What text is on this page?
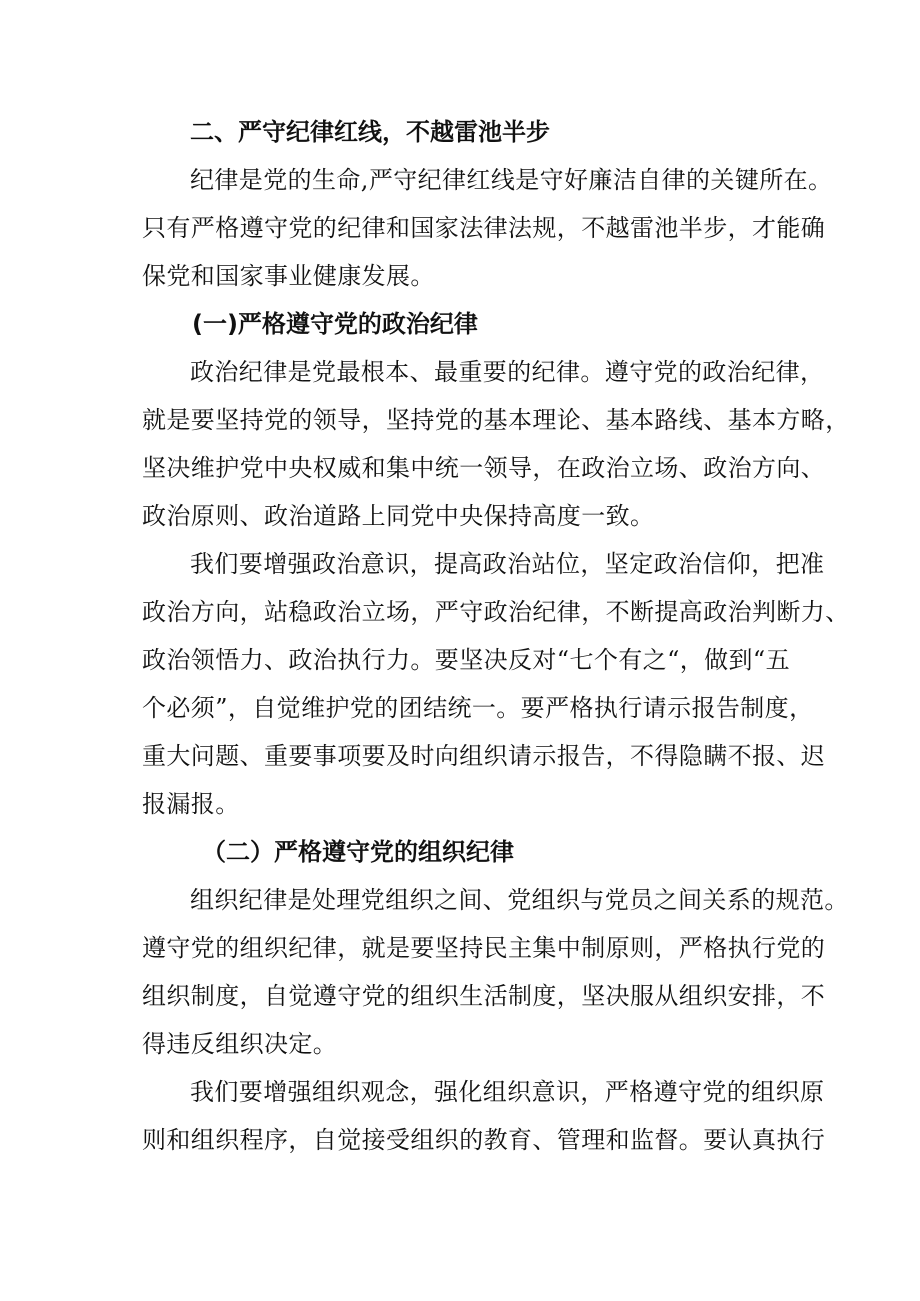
二、严守纪律红线，不越雷池半步
纪律是党的生命,严守纪律红线是守好廉洁自律的关键所在。
只有严格遵守党的纪律和国家法律法规，不越雷池半步，才能确
保党和国家事业健康发展。
(一)严格遵守党的政治纪律
政治纪律是党最根本、最重要的纪律。遵守党的政治纪律，
就是要坚持党的领导，坚持党的基本理论、基本路线、基本方略，
坚决维护党中央权威和集中统一领导，在政治立场、政治方向、
政治原则、政治道路上同党中央保持高度一致。
我们要增强政治意识，提高政治站位，坚定政治信仰，把准
政治方向，站稳政治立场，严守政治纪律，不断提高政治判断力、
政治领悟力、政治执行力。要坚决反对“七个有之“，做到“五
个必须”，自觉维护党的团结统一。要严格执行请示报告制度，
重大问题、重要事项要及时向组织请示报告，不得隐瞒不报、迟
报漏报。
（二）严格遵守党的组织纪律
组织纪律是处理党组织之间、党组织与党员之间关系的规范。
遵守党的组织纪律，就是要坚持民主集中制原则，严格执行党的
组织制度，自觉遵守党的组织生活制度，坚决服从组织安排，不
得违反组织决定。
我们要增强组织观念，强化组织意识，严格遵守党的组织原
则和组织程序，自觉接受组织的教育、管理和监督。要认真执行
